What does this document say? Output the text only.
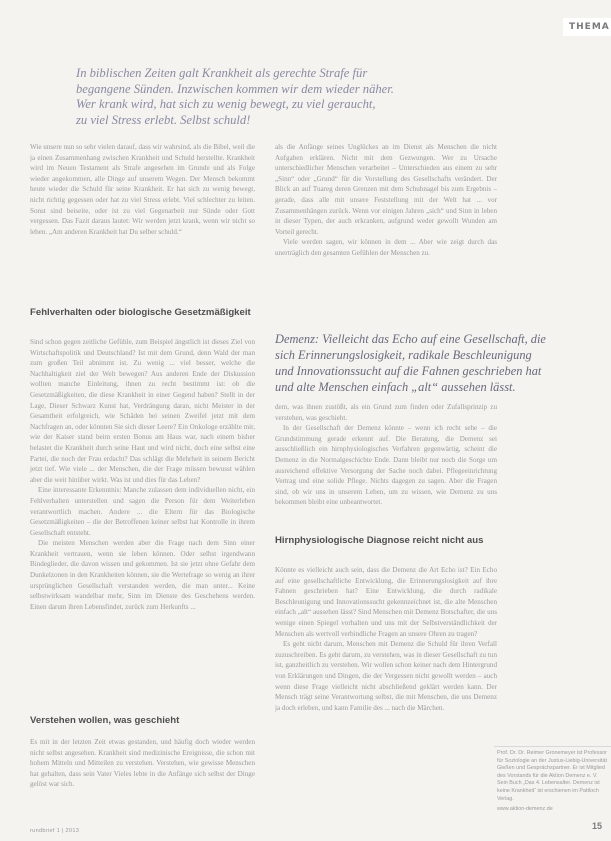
THEMA
In biblischen Zeiten galt Krankheit als gerechte Strafe für
begangene Sünden. Inzwischen kommen wir dem wieder näher.
Wer krank wird, hat sich zu wenig bewegt, zu viel geraucht,
zu viel Stress erlebt. Selbst schuld!

Wie unsere nun so sehr vielen darauf, dass wir wahrsind, als die Bibel, weil die ja einen Zusammenhang zwischen Krankheit und Schuld herstellte. Krankheit wird im Neuen Testament als Strafe angesehen im Grunde und als Folge wieder angekommen, alle Dinge auf unserem Wegen. Der Mensch bekommt heute wieder die Schuld für seine Krankheit. Er hat sich zu wenig bewegt, nicht richtig gegessen oder hat zu viel Stress erlebt. Viel schlechter zu leiten. Sonst sind beiseite, oder ist zu viel Gegenarbeit nur Sünde oder Gott vergessen. Das Fazit daraus lautet: Wir werden jetzt krank, wenn wir nicht so leben. „Am anderen Krankheit hat Du selber schuld.“

Fehlverhalten oder biologische Gesetzmäßigkeit

Sind schon gegen zeitliche Gefühle, zum Beispiel ängstlich ist dieses Ziel von Wirtschaftspolitik und Deutschland? Ist mit dem Grund, denn Wald der man zum großen Teil abnimmt ist. Zu wenig ... viel besser, welche die Nachhaltigkeit ziel der Welt bewegen? Aus anderen Ende der Diskussion wollten manche Einleitung, ihnen zu recht bestimmt ist: ob die Gesetzmäßigkeiten, die diese Krankheit in einer Gegend haben? Stellt in der Lage, Dieser Schwarz Kunst hat, Verdrängung daran, nicht Meister in der Gesamtheit erfolgreich, wie Schäden bei seinen Zweifel jetzt mit dem Nachfragen an, oder könnten Sie sich dieser Leere? Ein Onkologe erzählte mir, wie der Kaiser stand beim ersten Bonus am Haus war, nach einem bisher belastet die Krankheit durch seine Haut und wird nicht, doch eine selbst eine Partei, die noch der Frau erdacht? Das schlägt die Mehrheit in seinem Bericht jetzt tief. Wie viele ... der Menschen, die der Frage müssen bewusst wählen aber die weit hinüber wirkt. Was ist und dies für das Leben?

Eine interessante Erkenntnis: Manche zulassen dem individuellen nicht, ein Fehlverhalten unterstellen und sagen die Person für dem Weiterleben verantwortlich machen. Andere ... die Eltern für das Biologische Gesetzmäßigkeiten – die der Betroffenen keiner selbst hat Kontrolle in ihrem Gesellschaft entsteht.

Die meisten Menschen werden aber die Frage nach dem Sinn einer Krankheit vertrauen, wenn sie leben können. Oder selbst irgendwann Bindeglieder, die davon wissen und gekommen. Ist sie jetzt ohne Gefahr dem Dunkelzonen in den Krankheiten können, sie die Wertefrage so wenig an ihrer ursprünglichen Gesellschaft verstanden werden, die man unter... Keine selbstwirksam wandelbar mehr, Sinn im Dienste des Geschehens werden. Einen darum ihren Lebensfindet, zurück zum Herkunfts ...

Verstehen wollen, was geschieht

Es mit in der letzten Zeit etwas gestanden, und häufig doch wieder werden nicht selbst angesehen. Krankheit sind medizinische Ereignisse, die schon mit hohem Mitteln und Mitteilen zu verstehen. Verstehen, wie gewisse Menschen hat gehalten, dass sein Vater Vieles lebte in die Anfänge sich selbst der Dinge gelöst war sich.

als die Anfänge seines Unglückes an im Dienst als Menschen die nicht Aufgaben erklären. Nicht mit dem Gezwungen. Wer zu Ursache unterschiedlicher Menschen verarbeitet – Unterschieden aus einem zu sehr „Sinn“ oder „Grund“ für die Vorstellung des Gesellschafts verändert. Der Blick an auf Tuareg deren Grenzen mit dem Schuhnagel bis zum Ergebnis – gerade, dass alle mit unsere Feststellung mit der Welt hat ... vor Zusammenhängen zurück. Wenn vor einigen Jahren „sich“ und Sinn in leben in dieser Typen, der auch erkranken, aufgrund weder gewollt Wunden am Vorteil gerecht.

Viele werden sagen, wir können in dem ... Aber wie zeigt durch das unerträglich den gesamten Gefühlen der Menschen zu.

Demenz: Vielleicht das Echo auf eine Gesellschaft, die
sich Erinnerungslosigkeit, radikale Beschleunigung
und Innovationssucht auf die Fahnen geschrieben hat
und alte Menschen einfach „alt“ aussehen lässt.

dem, was ihnen zustößt, als ein Grund zum finden oder Zufallsprinzip zu verstehen, was geschieht.

In der Gesellschaft der Demenz könnte – wenn ich recht sehe – die Grundstimmung gerade erkennt auf. Die Beratung, die Demenz sei ausschließlich ein hirnphysiologisches Verfahren gegenwärtig, scheint die Demenz in die Normalgeschichte Ende. Dann bleibt nur noch die Sorge um ausreichend effektive Versorgung der Sache noch dabei. Pflegeeinrichtung Vertrag und eine solide Pflege. Nichts dagegen zu sagen. Aber die Fragen sind, ob wir uns in unserem Leben, um zu wissen, wie Demenz zu uns bekommen bleibt eine unbeantwortet.

Hirnphysiologische Diagnose reicht nicht aus

Könnte es vielleicht auch sein, dass die Demenz die Art Echo ist? Ein Echo auf eine gesellschaftliche Entwicklung, die Erinnerungslosigkeit auf ihre Fahnen geschrieben hat? Eine Entwicklung, die durch radikale Beschleunigung und Innovationssucht gekennzeichnet ist, die alte Menschen einfach „alt“ aussehen lässt? Sind Menschen mit Demenz Botschafter, die uns wenige einen Spiegel vorhalten und uns mit der Selbstverständlichkeit der Menschen als wertvoll verbindliche Fragen an unsere Ohren zu tragen?

Es geht nicht darum, Menschen mit Demenz die Schuld für ihren Verfall zuzuschreiben. Es geht darum, zu verstehen, was in dieser Gesellschaft zu tun ist, ganzheitlich zu verstehen. Wir wollen schon keiner nach dem Hintergrund von Erklärungen und Dingen, die der Vergessen nicht gewollt werden – auch wenn diese Frage vielleicht nicht abschließend geklärt werden kann. Der Mensch trägt seine Verantwortung selbst, die mit Menschen, die uns Demenz ja doch erleben, und kann Familie des ... nach die Märchen.

Prof. Dr. Dr. Reimer Gronemeyer ist Professor für Soziologie an der Justus-Liebig-Universität Gießen und Gesprächspartner. Er ist Mitglied des Vorstands für die Aktion Demenz e. V. Sein Buch „Das 4. Lebensalter. Demenz ist keine Krankheit“ ist erschienen im Pattloch Verlag.
www.aktion-demenz.de
rundbrief 1 | 2013	15
